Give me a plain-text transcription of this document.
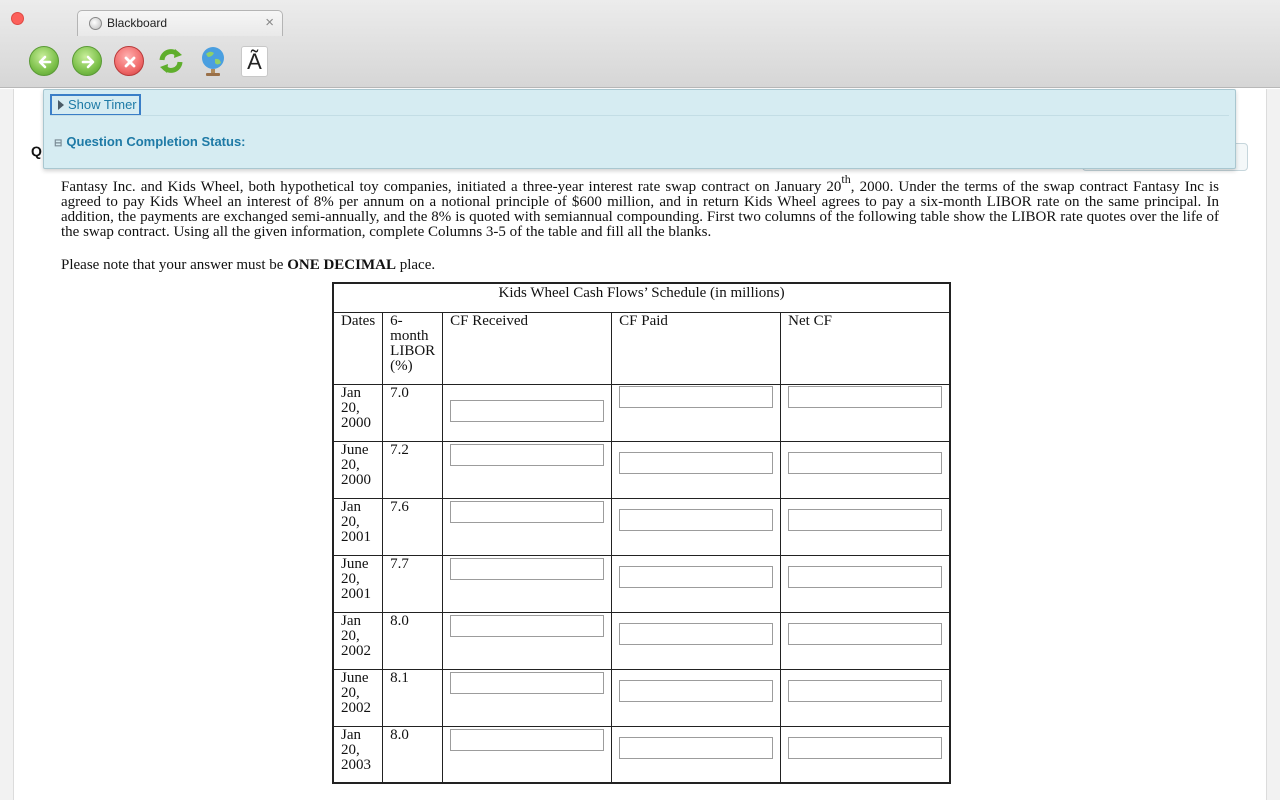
Blackboard	×
Ã
Q
Show Timer
⊟ Question Completion Status:
Fantasy Inc. and Kids Wheel, both hypothetical toy companies, initiated a three-year interest rate swap contract on January 20th, 2000. Under the terms of the swap contract Fantasy Inc is agreed to pay Kids Wheel an interest of 8% per annum on a notional principle of $600 million, and in return Kids Wheel agrees to pay a six-month LIBOR rate on the same principal. In addition, the payments are exchanged semi-annually, and the 8% is quoted with semiannual compounding. First two columns of the following table show the LIBOR rate quotes over the life of the swap contract. Using all the given information, complete Columns 3-5 of the table and fill all the blanks.
Please note that your answer must be ONE DECIMAL place.
Kids Wheel Cash Flows’ Schedule (in millions)				
Dates	6-month LIBOR (%)	CF Received	CF Paid	Net CF
Jan 20, 2000	7.0			
June 20, 2000	7.2			
Jan 20, 2001	7.6			
June 20, 2001	7.7			
Jan 20, 2002	8.0			
June 20, 2002	8.1			
Jan 20, 2003	8.0			
